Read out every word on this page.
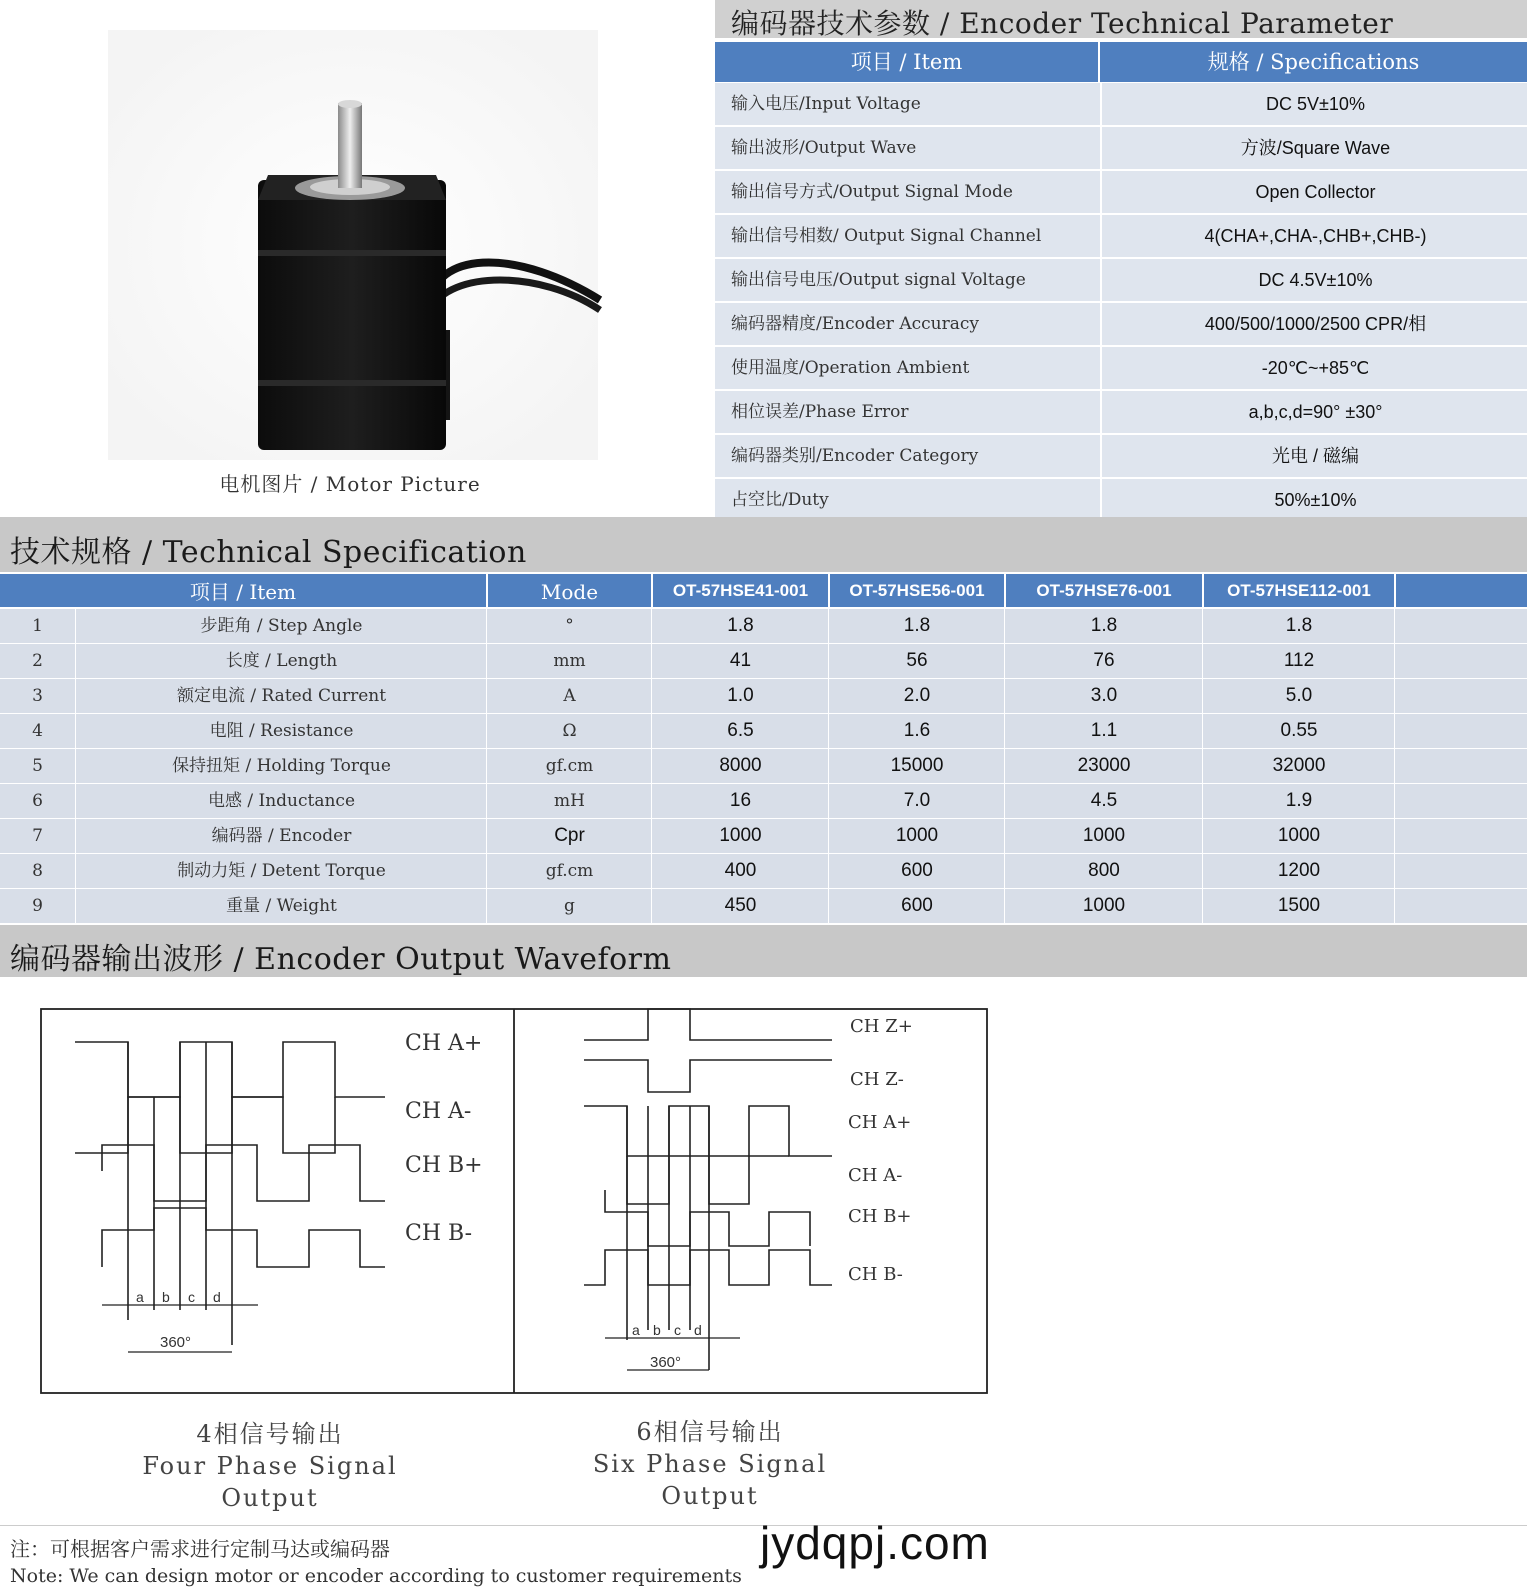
电机图片 / Motor Picture
编码器技术参数 / Encoder Technical Parameter
项目 / Item	规格 / Specifications
输入电压/Input Voltage	DC 5V±10%
输出波形/Output Wave	方波/Square Wave
输出信号方式/Output Signal Mode	Open Collector
输出信号相数/ Output Signal Channel	4(CHA+,CHA-,CHB+,CHB-)
输出信号电压/Output signal Voltage	DC 4.5V±10%
编码器精度/Encoder Accuracy	400/500/1000/2500 CPR/相
使用温度/Operation Ambient	-20℃~+85℃
相位误差/Phase Error	a,b,c,d=90° ±30°
编码器类别/Encoder Category	光电 / 磁编
占空比/Duty	50%±10%
技术规格 / Technical Specification
项目 / Item	Mode	OT-57HSE41-001	OT-57HSE56-001	OT-57HSE76-001	OT-57HSE112-001
1	步距角 / Step Angle	°	1.8	1.8	1.8	1.8
2	长度 / Length	mm	41	56	76	112
3	额定电流 / Rated Current	A	1.0	2.0	3.0	5.0
4	电阻 / Resistance	Ω	6.5	1.6	1.1	0.55
5	保持扭矩 / Holding Torque	gf.cm	8000	15000	23000	32000
6	电感 / Inductance	mH	16	7.0	4.5	1.9
7	编码器 / Encoder	Cpr	1000	1000	1000	1000
8	制动力矩 / Detent Torque	gf.cm	400	600	800	1200
9	重量 / Weight	g	450	600	1000	1500
编码器输出波形 / Encoder Output Waveform
CH A+
CH A-
CH B+
CH B-
a b c d
360°
CH Z+
CH Z-
CH A+
CH A-
CH B+
CH B-
a b c d
360°
4相信号输出
Four Phase Signal Output
6相信号输出
Six Phase Signal Output
注：可根据客户需求进行定制马达或编码器
Note: We can design motor or encoder according to customer requirements
jydqpj.com
